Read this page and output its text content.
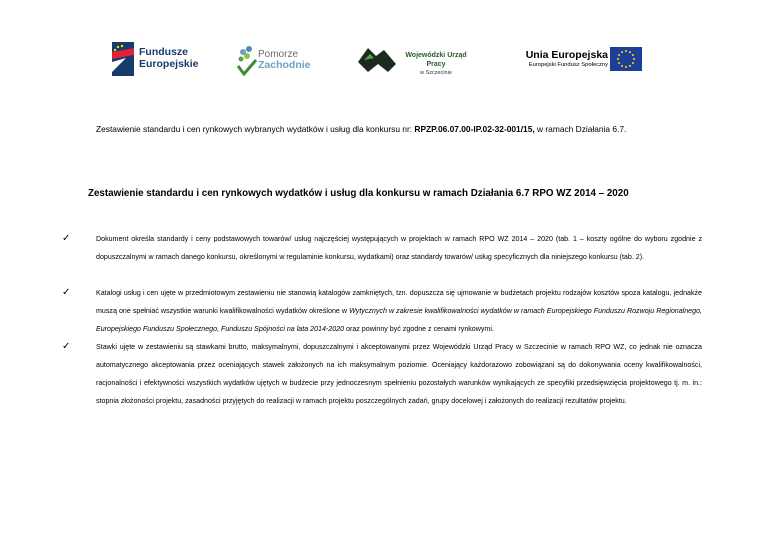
Fundusze
Europejskie
Pomorze
Zachodnie
Wojewódzki Urząd Pracy
w Szczecinie
Unia Europejska
Europejski Fundusz Społeczny
Zestawienie standardu i cen rynkowych wybranych wydatków i usług dla konkursu nr: RPZP.06.07.00-IP.02-32-001/15, w ramach Działania 6.7.
Zestawienie standardu i cen rynkowych wydatków i usług dla konkursu w ramach Działania 6.7 RPO WZ 2014 – 2020
✓	Dokument określa standardy i ceny podstawowych towarów/ usług najczęściej występujących w projektach w ramach RPO WZ 2014 – 2020 (tab. 1 – koszty ogólne do wyboru zgodnie z dopuszczalnymi w ramach danego konkursu, określonymi w regulaminie konkursu, wydatkami) oraz standardy towarów/ usług specyficznych dla niniejszego konkursu (tab. 2).
✓	Katalogi usług i cen ujęte w przedmiotowym zestawieniu nie stanowią katalogów zamkniętych, tzn. dopuszcza się ujmowanie w budżetach projektu rodzajów kosztów spoza katalogu, jednakże muszą one spełniać wszystkie warunki kwalifikowalności wydatków określone w Wytycznych w zakresie kwalifikowalności wydatków w ramach Europejskiego Funduszu Rozwoju Regionalnego, Europejskiego Funduszu Społecznego, Funduszu Spójności na lata 2014-2020 oraz powinny być zgodne z cenami rynkowymi.
✓	Stawki ujęte w zestawieniu są stawkami brutto, maksymalnymi, dopuszczalnymi i akceptowanymi przez Wojewódzki Urząd Pracy w Szczecinie w ramach RPO WZ, co jednak nie oznacza automatycznego akceptowania przez oceniających stawek założonych na ich maksymalnym poziomie. Oceniający każdorazowo zobowiązani są do dokonywania oceny kwalifikowalności, racjonalności i efektywności wszystkich wydatków ujętych w budżecie przy jednoczesnym spełnieniu pozostałych warunków wynikających ze specyfiki przedsięwzięcia projektowego tj. m. in.: stopnia złożoności projektu, zasadności przyjętych do realizacji w ramach projektu poszczególnych zadań, grupy docelowej i założonych do realizacji rezultatów projektu.
